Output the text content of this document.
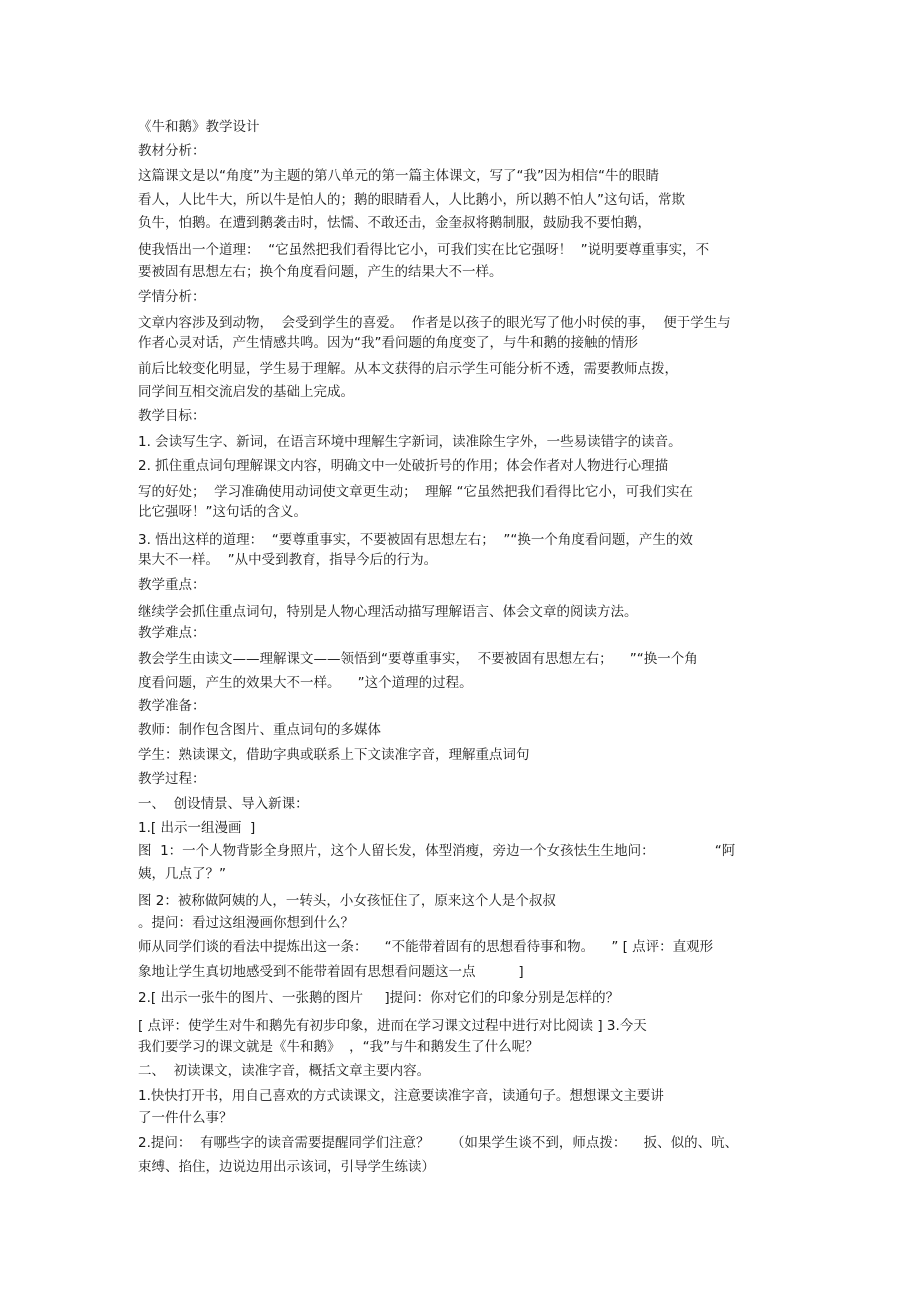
《牛和鹅》教学设计

教材分析：

这篇课文是以“角度”为主题的第八单元的第一篇主体课文，写了“我”因为相信“牛的眼睛

看人，人比牛大，所以牛是怕人的；鹅的眼睛看人，人比鹅小，所以鹅不怕人”这句话，常欺

负牛，怕鹅。在遭到鹅袭击时，怯懦、不敢还击，金奎叔将鹅制服，鼓励我不要怕鹅，

使我悟出一个道理：  “它虽然把我们看得比它小，可我们实在比它强呀！  ”说明要尊重事实，不

要被固有思想左右；换个角度看问题，产生的结果大不一样。

学情分析：

文章内容涉及到动物，  会受到学生的喜爱。  作者是以孩子的眼光写了他小时侯的事，  便于学生与

作者心灵对话，产生情感共鸣。因为“我”看问题的角度变了，与牛和鹅的接触的情形

前后比较变化明显，学生易于理解。从本文获得的启示学生可能分析不透，需要教师点拨，

同学间互相交流启发的基础上完成。

教学目标：

1. 会读写生字、新词，在语言环境中理解生字新词，读准除生字外，一些易读错字的读音。

2. 抓住重点词句理解课文内容，明确文中一处破折号的作用；体会作者对人物进行心理描

写的好处；  学习准确使用动词使文章更生动；  理解 “它虽然把我们看得比它小，可我们实在

比它强呀！”这句话的含义。

3. 悟出这样的道理：  “要尊重事实，不要被固有思想左右；  ”“换一个角度看问题，产生的效

果大不一样。  ”从中受到教育，指导今后的行为。

教学重点：

继续学会抓住重点词句，特别是人物心理活动描写理解语言、体会文章的阅读方法。

教学难点：

教会学生由读文——理解课文——领悟到“要尊重事实，  不要被固有思想左右；    ”“换一个角

度看问题，产生的效果大不一样。    ”这个道理的过程。

教学准备：

教师：制作包含图片、重点词句的多媒体

学生：熟读课文，借助字典或联系上下文读准字音，理解重点词句

教学过程：

一、  创设情景、导入新课：

1.[ 出示一组漫画  ]

图  1：一个人物背影全身照片，这个人留长发，体型消瘦，旁边一个女孩怯生生地问：              “阿

姨，几点了？”

图 2：被称做阿姨的人，一转头，小女孩怔住了，原来这个人是个叔叔

。提问：看过这组漫画你想到什么？

师从同学们谈的看法中提炼出这一条：    “不能带着固有的思想看待事和物。    ” [ 点评：直观形

象地让学生真切地感受到不能带着固有思想看问题这一点          ]

2.[ 出示一张牛的图片、一张鹅的图片     ]提问：你对它们的印象分别是怎样的？

[ 点评：使学生对牛和鹅先有初步印象，进而在学习课文过程中进行对比阅读 ] 3.今天

我们要学习的课文就是《牛和鹅》  ，“我”与牛和鹅发生了什么呢？

二、  初读课文，读准字音，概括文章主要内容。

1.快快打开书，用自己喜欢的方式读课文，注意要读准字音，读通句子。想想课文主要讲

了一件什么事？

2.提问：  有哪些字的读音需要提醒同学们注意？     （如果学生谈不到，师点拨：    扳、似的、吭、

束缚、掐住，边说边用出示该词，引导学生练读）
